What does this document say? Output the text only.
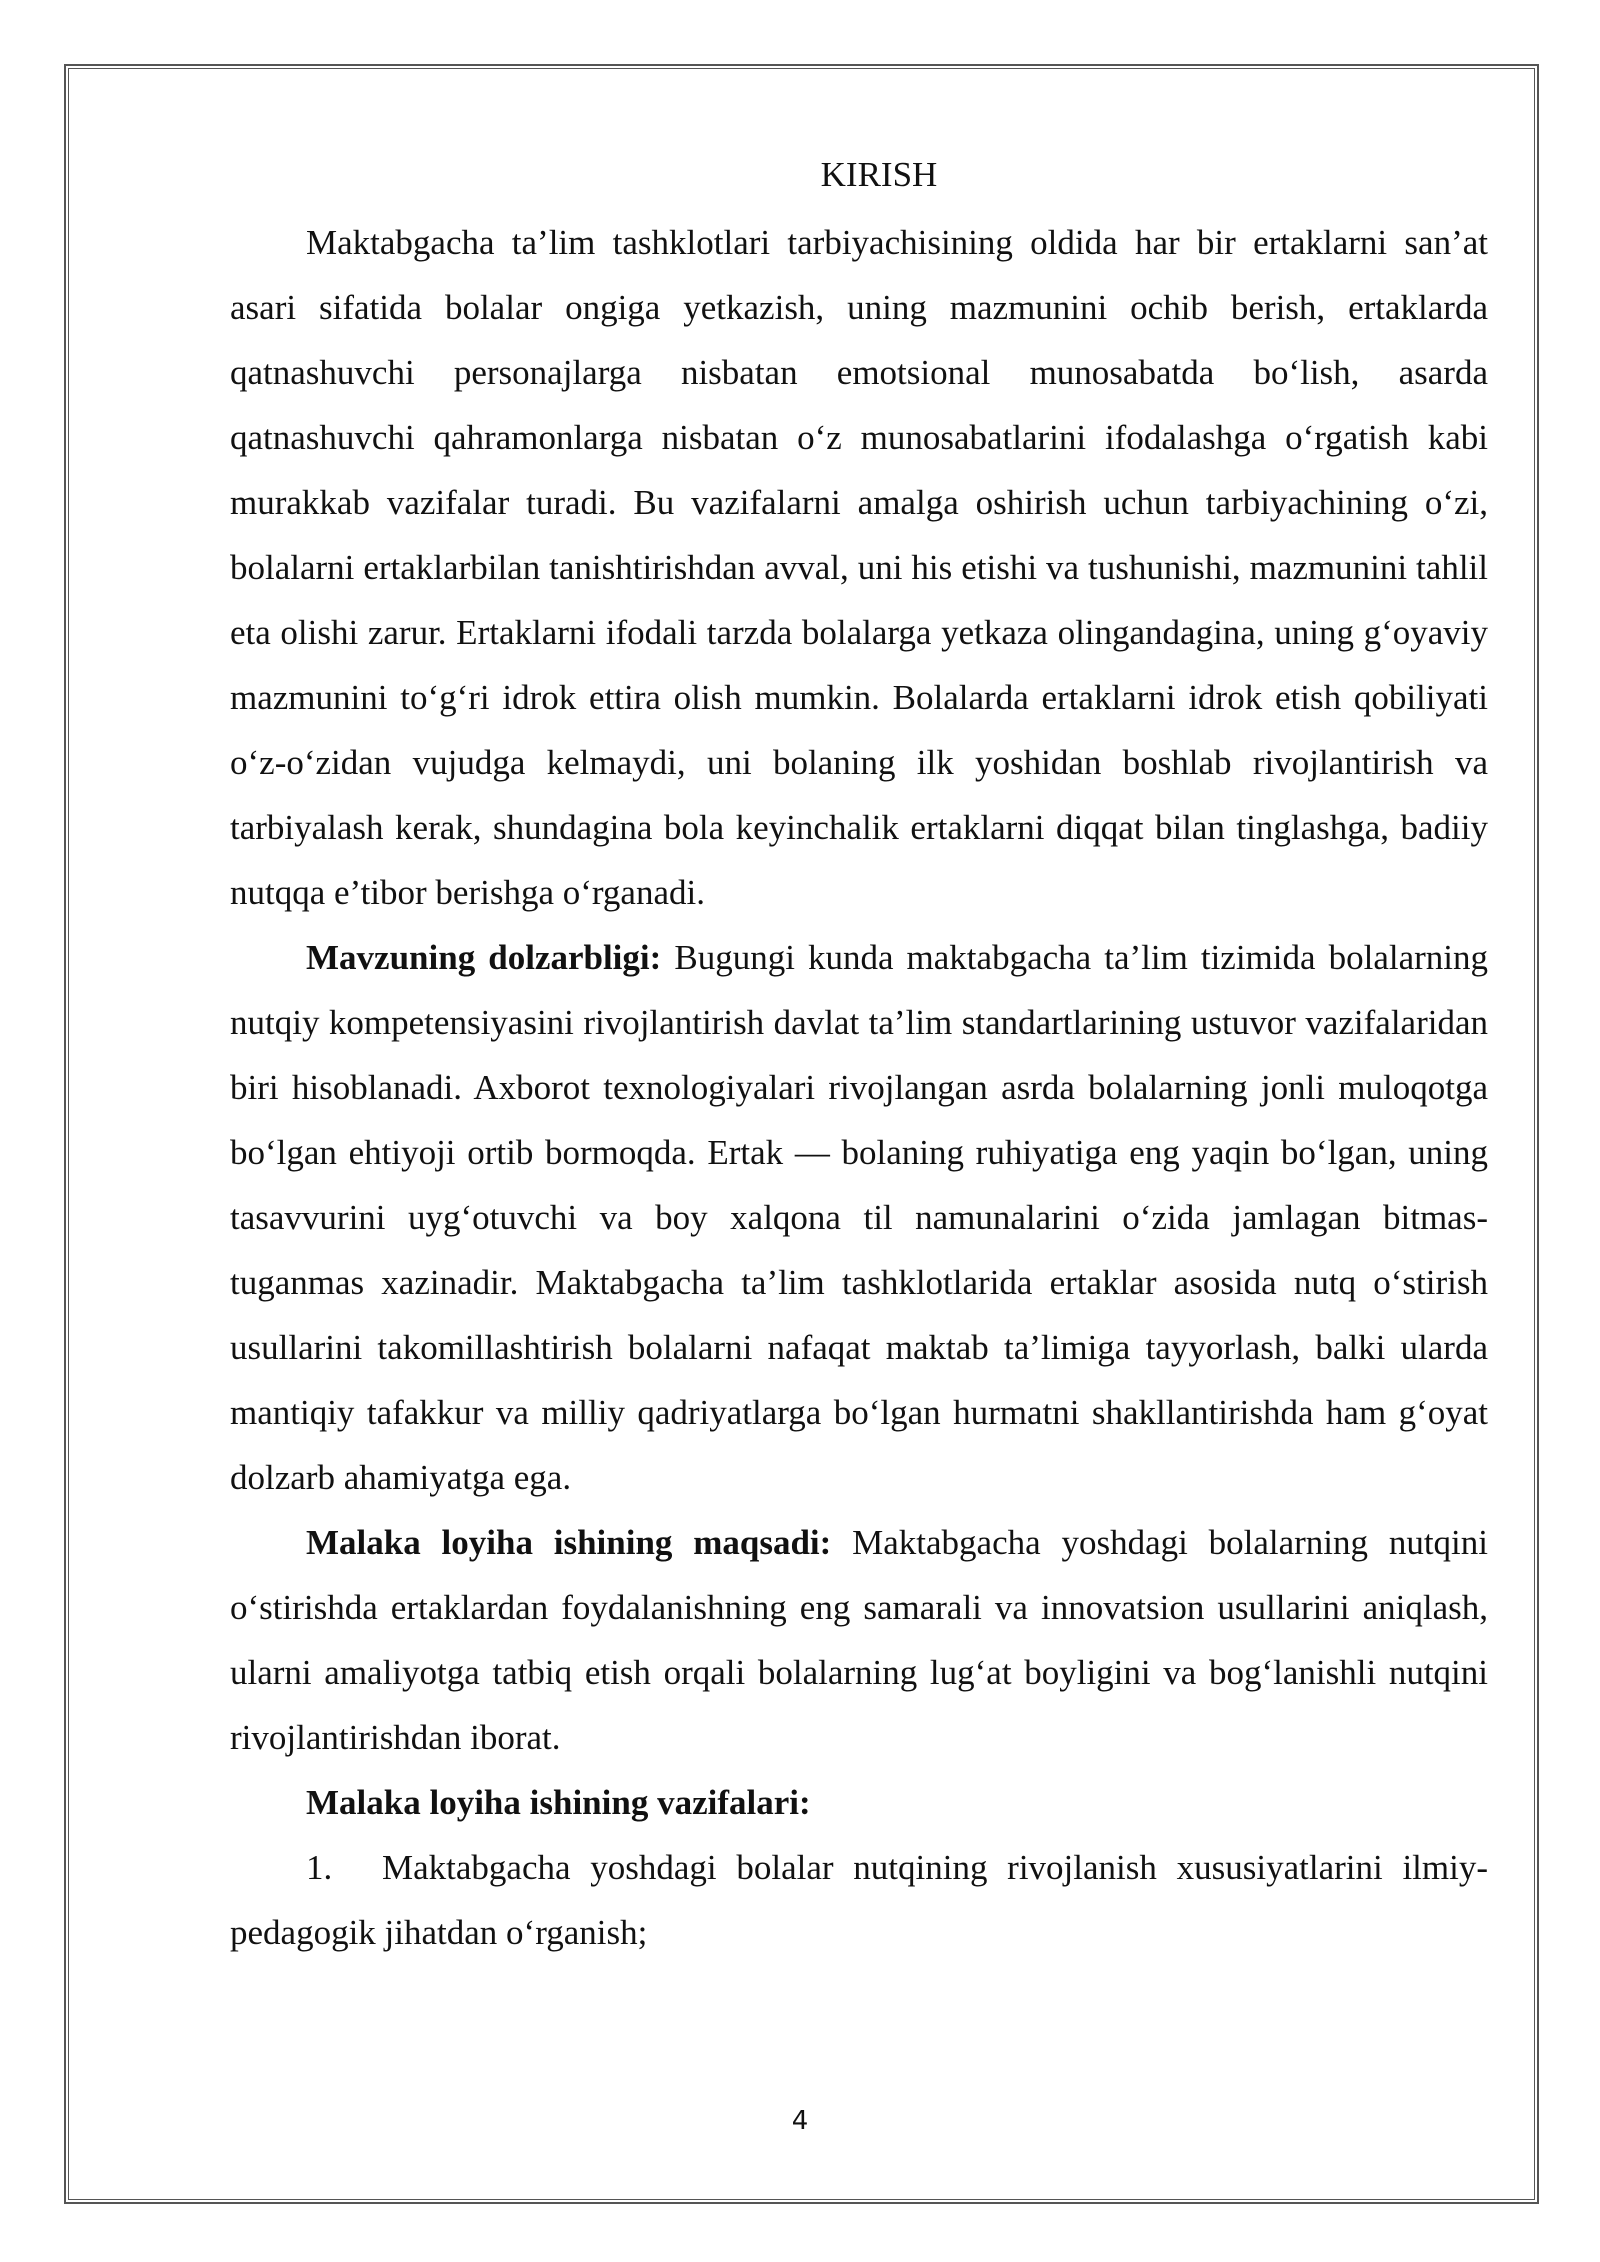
KIRISH

Maktabgacha ta’lim tashklotlari tarbiyachisining oldida har bir ertaklarni san’at asari sifatida bolalar ongiga yetkazish, uning mazmunini ochib berish, ertaklarda qatnashuvchi personajlarga nisbatan emotsional munosabatda bo‘lish, asarda qatnashuvchi qahramonlarga nisbatan o‘z munosabatlarini ifodalashga o‘rgatish kabi murakkab vazifalar turadi. Bu vazifalarni amalga oshirish uchun tarbiyachining o‘zi, bolalarni ertaklarbilan tanishtirishdan avval, uni his etishi va tushunishi, mazmunini tahlil eta olishi zarur. Ertaklarni ifodali tarzda bolalarga yetkaza olingandagina, uning g‘oyaviy mazmunini to‘g‘ri idrok ettira olish mumkin. Bolalarda ertaklarni idrok etish qobiliyati o‘z-o‘zidan vujudga kelmaydi, uni bolaning ilk yoshidan boshlab rivojlantirish va tarbiyalash kerak, shundagina bola keyinchalik ertaklarni diqqat bilan tinglashga, badiiy nutqqa e’tibor berishga o‘rganadi.

Mavzuning dolzarbligi: Bugungi kunda maktabgacha ta’lim tizimida bolalarning nutqiy kompetensiyasini rivojlantirish davlat ta’lim standartlarining ustuvor vazifalaridan biri hisoblanadi. Axborot texnologiyalari rivojlangan asrda bolalarning jonli muloqotga bo‘lgan ehtiyoji ortib bormoqda. Ertak — bolaning ruhiyatiga eng yaqin bo‘lgan, uning tasavvurini uyg‘otuvchi va boy xalqona til namunalarini o‘zida jamlagan bitmas-tuganmas xazinadir. Maktabgacha ta’lim tashklotlarida ertaklar asosida nutq o‘stirish usullarini takomillashtirish bolalarni nafaqat maktab ta’limiga tayyorlash, balki ularda mantiqiy tafakkur va milliy qadriyatlarga bo‘lgan hurmatni shakllantirishda ham g‘oyat dolzarb ahamiyatga ega.

Malaka loyiha ishining maqsadi: Maktabgacha yoshdagi bolalarning nutqini o‘stirishda ertaklardan foydalanishning eng samarali va innovatsion usullarini aniqlash, ularni amaliyotga tatbiq etish orqali bolalarning lug‘at boyligini va bog‘lanishli nutqini rivojlantirishdan iborat.

Malaka loyiha ishining vazifalari:

1. Maktabgacha yoshdagi bolalar nutqining rivojlanish xususiyatlarini ilmiy-pedagogik jihatdan o‘rganish;

4
